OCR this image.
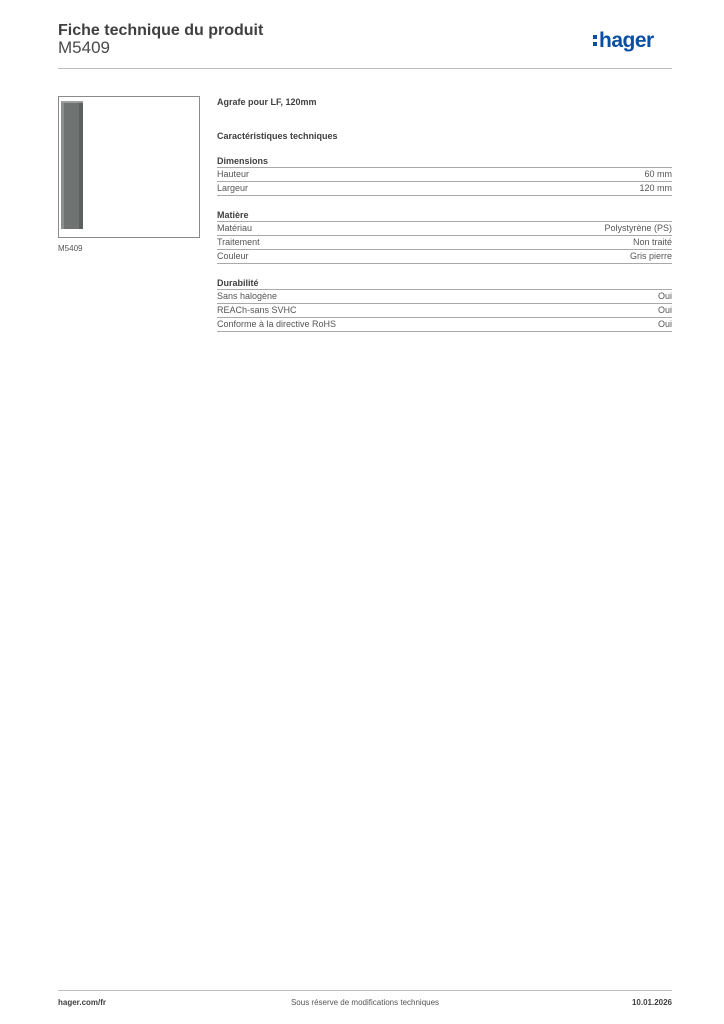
Fiche technique du produit
M5409	hager
M5409
Agrafe pour LF, 120mm
Caractéristiques techniques
Dimensions
Hauteur	60 mm
Largeur	120 mm
Matière
Matériau	Polystyrène (PS)
Traitement	Non traité
Couleur	Gris pierre
Durabilité
Sans halogène	Oui
REACh-sans SVHC	Oui
Conforme à la directive RoHS	Oui
hager.com/fr	Sous réserve de modifications techniques	10.01.2026
